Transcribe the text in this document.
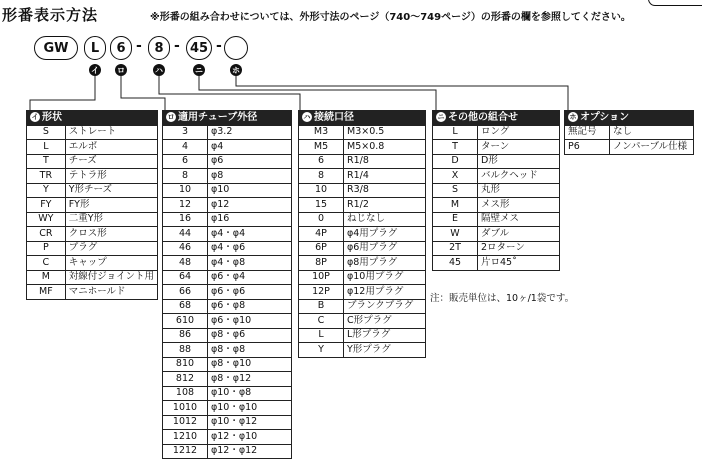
形番表示方法	※形番の組み合わせについては、外形寸法のページ（740〜749ページ）の形番の欄を参照してください。
GW	L	6 - 8 - 45 -
イ ロ	ハ	ニ	ホ
イ 形状	
S	ストレート
L	エルボ
T	チーズ
TR	テトラ形
Y	Y形チーズ
FY	FY形
WY	二重Y形
CR	クロス形
P	プラグ
C	キャップ
M	対線付ジョイント用
MF	マニホールド
ロ 適用チューブ外径	
3	φ3.2
4	φ4
6	φ6
8	φ8
10	φ10
12	φ12
16	φ16
44	φ4・φ4
46	φ4・φ6
48	φ4・φ8
64	φ6・φ4
66	φ6・φ6
68	φ6・φ8
610	φ6・φ10
86	φ8・φ6
88	φ8・φ8
810	φ8・φ10
812	φ8・φ12
108	φ10・φ8
1010	φ10・φ10
1012	φ10・φ12
1210	φ12・φ10
1212	φ12・φ12
ハ 接続口径	
M3	M3×0.5
M5	M5×0.8
6	R1/8
8	R1/4
10	R3/8
15	R1/2
0	ねじなし
4P	φ4用プラグ
6P	φ6用プラグ
8P	φ8用プラグ
10P	φ10用プラグ
12P	φ12用プラグ
B	ブランクプラグ
C	C形プラグ
L	L形プラグ
Y	Y形プラグ
ニ その他の組合せ	
L	ロング
T	ターン
D	D形
X	バルクヘッド
S	丸形
M	メス形
E	隔壁メス
W	ダブル
2T	2ロターン
45	片ロ45˚
ホ オプション	
無記号	なし
P6	ノンパーブル仕様
注：販売単位は、10ヶ/1袋です。
